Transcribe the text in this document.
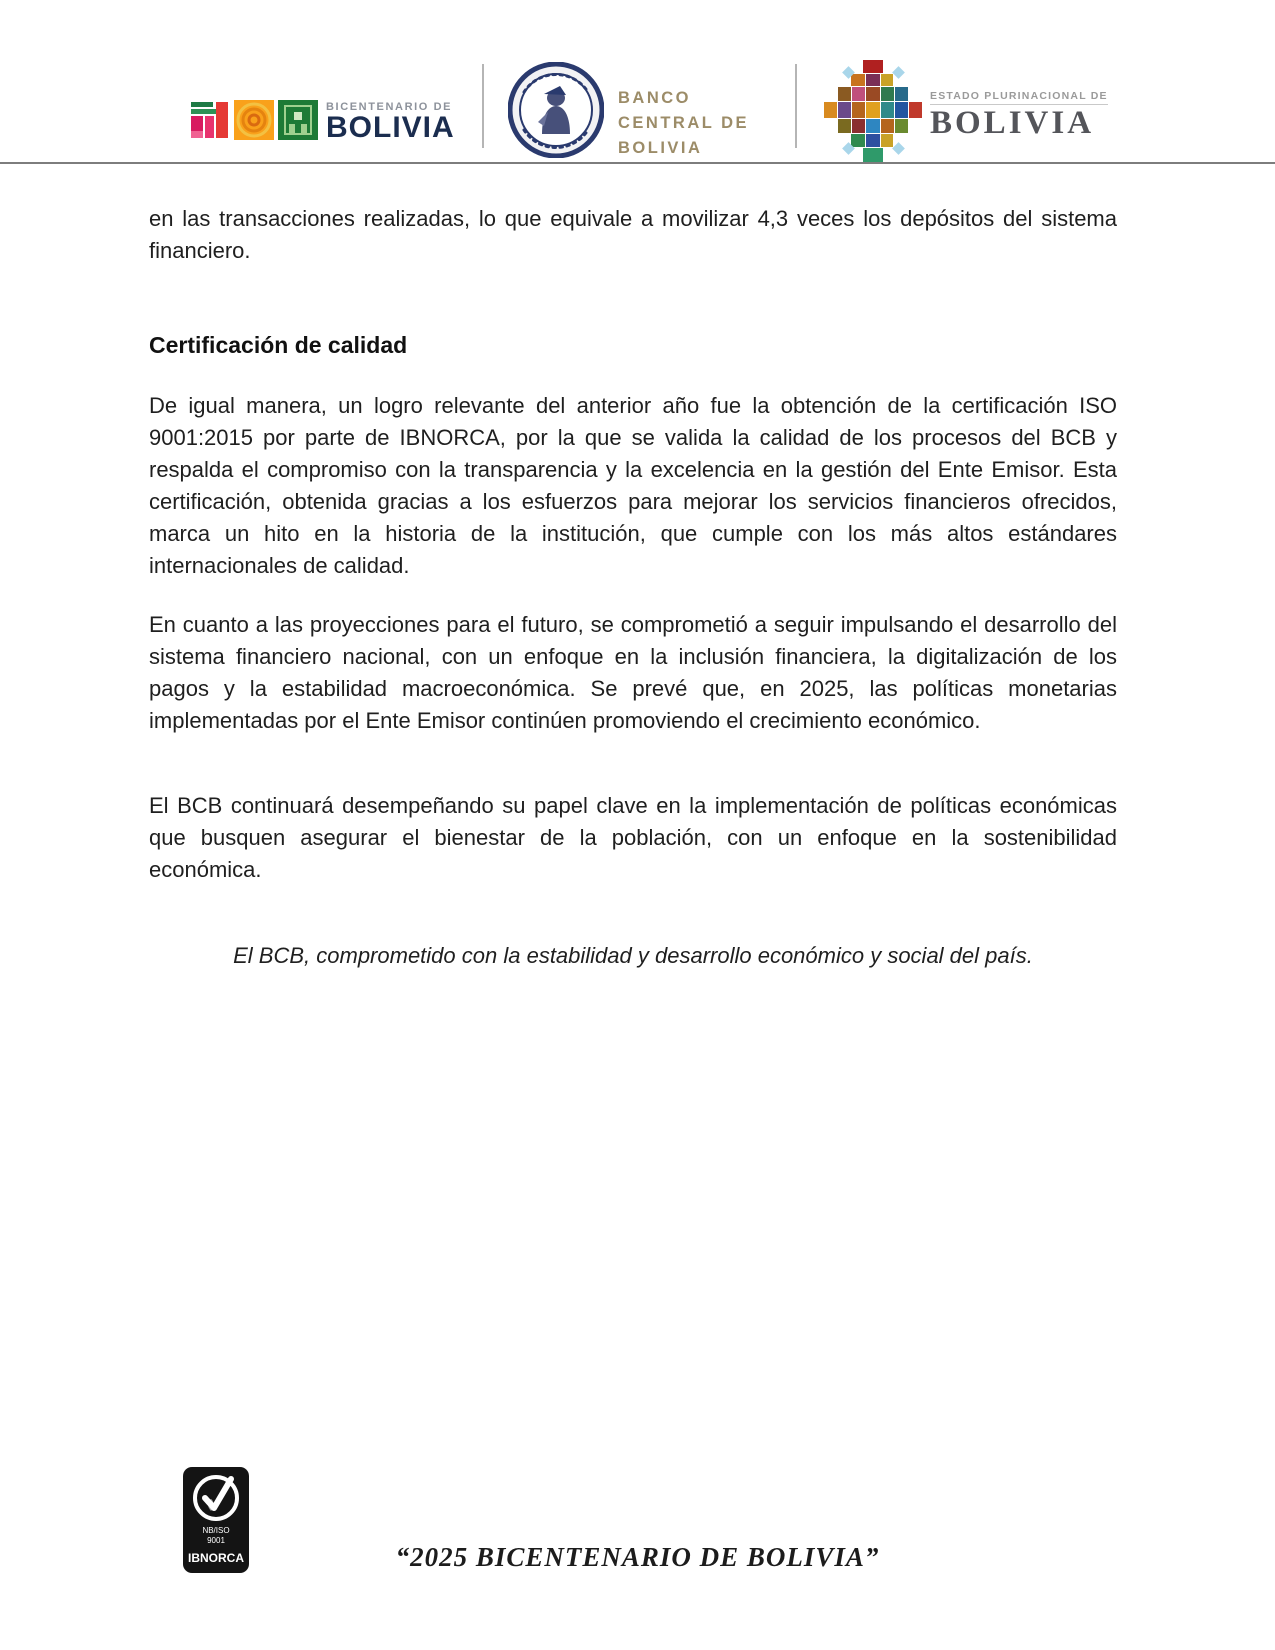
BICENTENARIO DE
BOLIVIA
BANCO
CENTRAL DE
BOLIVIA
ESTADO PLURINACIONAL DE
BOLIVIA

en las transacciones realizadas, lo que equivale a movilizar 4,3 veces los depósitos del sistema financiero.

Certificación de calidad

De igual manera, un logro relevante del anterior año fue la obtención de la certificación ISO 9001:2015 por parte de IBNORCA, por la que se valida la calidad de los procesos del BCB y respalda el compromiso con la transparencia y la excelencia en la gestión del Ente Emisor. Esta certificación, obtenida gracias a los esfuerzos para mejorar los servicios financieros ofrecidos, marca un hito en la historia de la institución, que cumple con los más altos estándares internacionales de calidad.

En cuanto a las proyecciones para el futuro, se comprometió a seguir impulsando el desarrollo del sistema financiero nacional, con un enfoque en la inclusión financiera, la digitalización de los pagos y la estabilidad macroeconómica. Se prevé que, en 2025, las políticas monetarias implementadas por el Ente Emisor continúen promoviendo el crecimiento económico.

El BCB continuará desempeñando su papel clave en la implementación de políticas económicas que busquen asegurar el bienestar de la población, con un enfoque en la sostenibilidad económica.

El BCB, comprometido con la estabilidad y desarrollo económico y social del país.
NB/ISO
9001
IBNORCA	“2025 BICENTENARIO DE BOLIVIA”
